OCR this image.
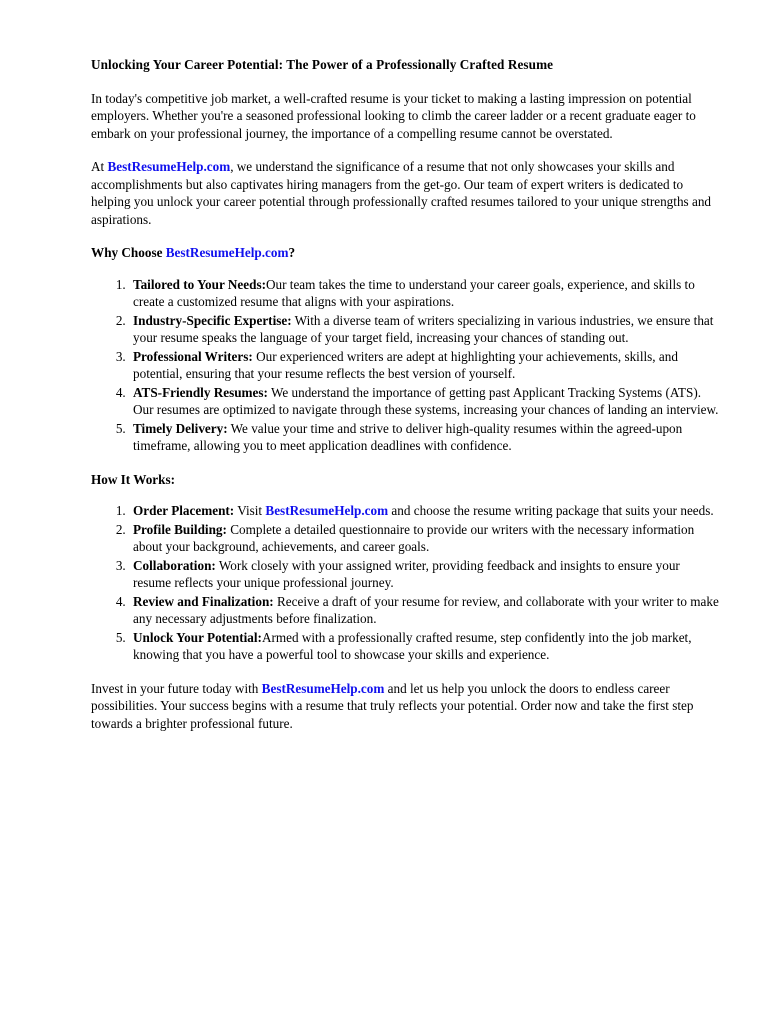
Unlocking Your Career Potential: The Power of a Professionally Crafted Resume

In today's competitive job market, a well-crafted resume is your ticket to making a lasting impression on potential employers. Whether you're a seasoned professional looking to climb the career ladder or a recent graduate eager to embark on your professional journey, the importance of a compelling resume cannot be overstated.

At BestResumeHelp.com, we understand the significance of a resume that not only showcases your skills and accomplishments but also captivates hiring managers from the get-go. Our team of expert writers is dedicated to helping you unlock your career potential through professionally crafted resumes tailored to your unique strengths and aspirations.

Why Choose BestResumeHelp.com?
1. Tailored to Your Needs:Our team takes the time to understand your career goals, experience, and skills to create a customized resume that aligns with your aspirations.
2. Industry-Specific Expertise: With a diverse team of writers specializing in various industries, we ensure that your resume speaks the language of your target field, increasing your chances of standing out.
3. Professional Writers: Our experienced writers are adept at highlighting your achievements, skills, and potential, ensuring that your resume reflects the best version of yourself.
4. ATS-Friendly Resumes: We understand the importance of getting past Applicant Tracking Systems (ATS). Our resumes are optimized to navigate through these systems, increasing your chances of landing an interview.
5. Timely Delivery: We value your time and strive to deliver high-quality resumes within the agreed-upon timeframe, allowing you to meet application deadlines with confidence.
How It Works:
1. Order Placement: Visit BestResumeHelp.com and choose the resume writing package that suits your needs.
2. Profile Building: Complete a detailed questionnaire to provide our writers with the necessary information about your background, achievements, and career goals.
3. Collaboration: Work closely with your assigned writer, providing feedback and insights to ensure your resume reflects your unique professional journey.
4. Review and Finalization: Receive a draft of your resume for review, and collaborate with your writer to make any necessary adjustments before finalization.
5. Unlock Your Potential:Armed with a professionally crafted resume, step confidently into the job market, knowing that you have a powerful tool to showcase your skills and experience.

Invest in your future today with BestResumeHelp.com and let us help you unlock the doors to endless career possibilities. Your success begins with a resume that truly reflects your potential. Order now and take the first step towards a brighter professional future.
